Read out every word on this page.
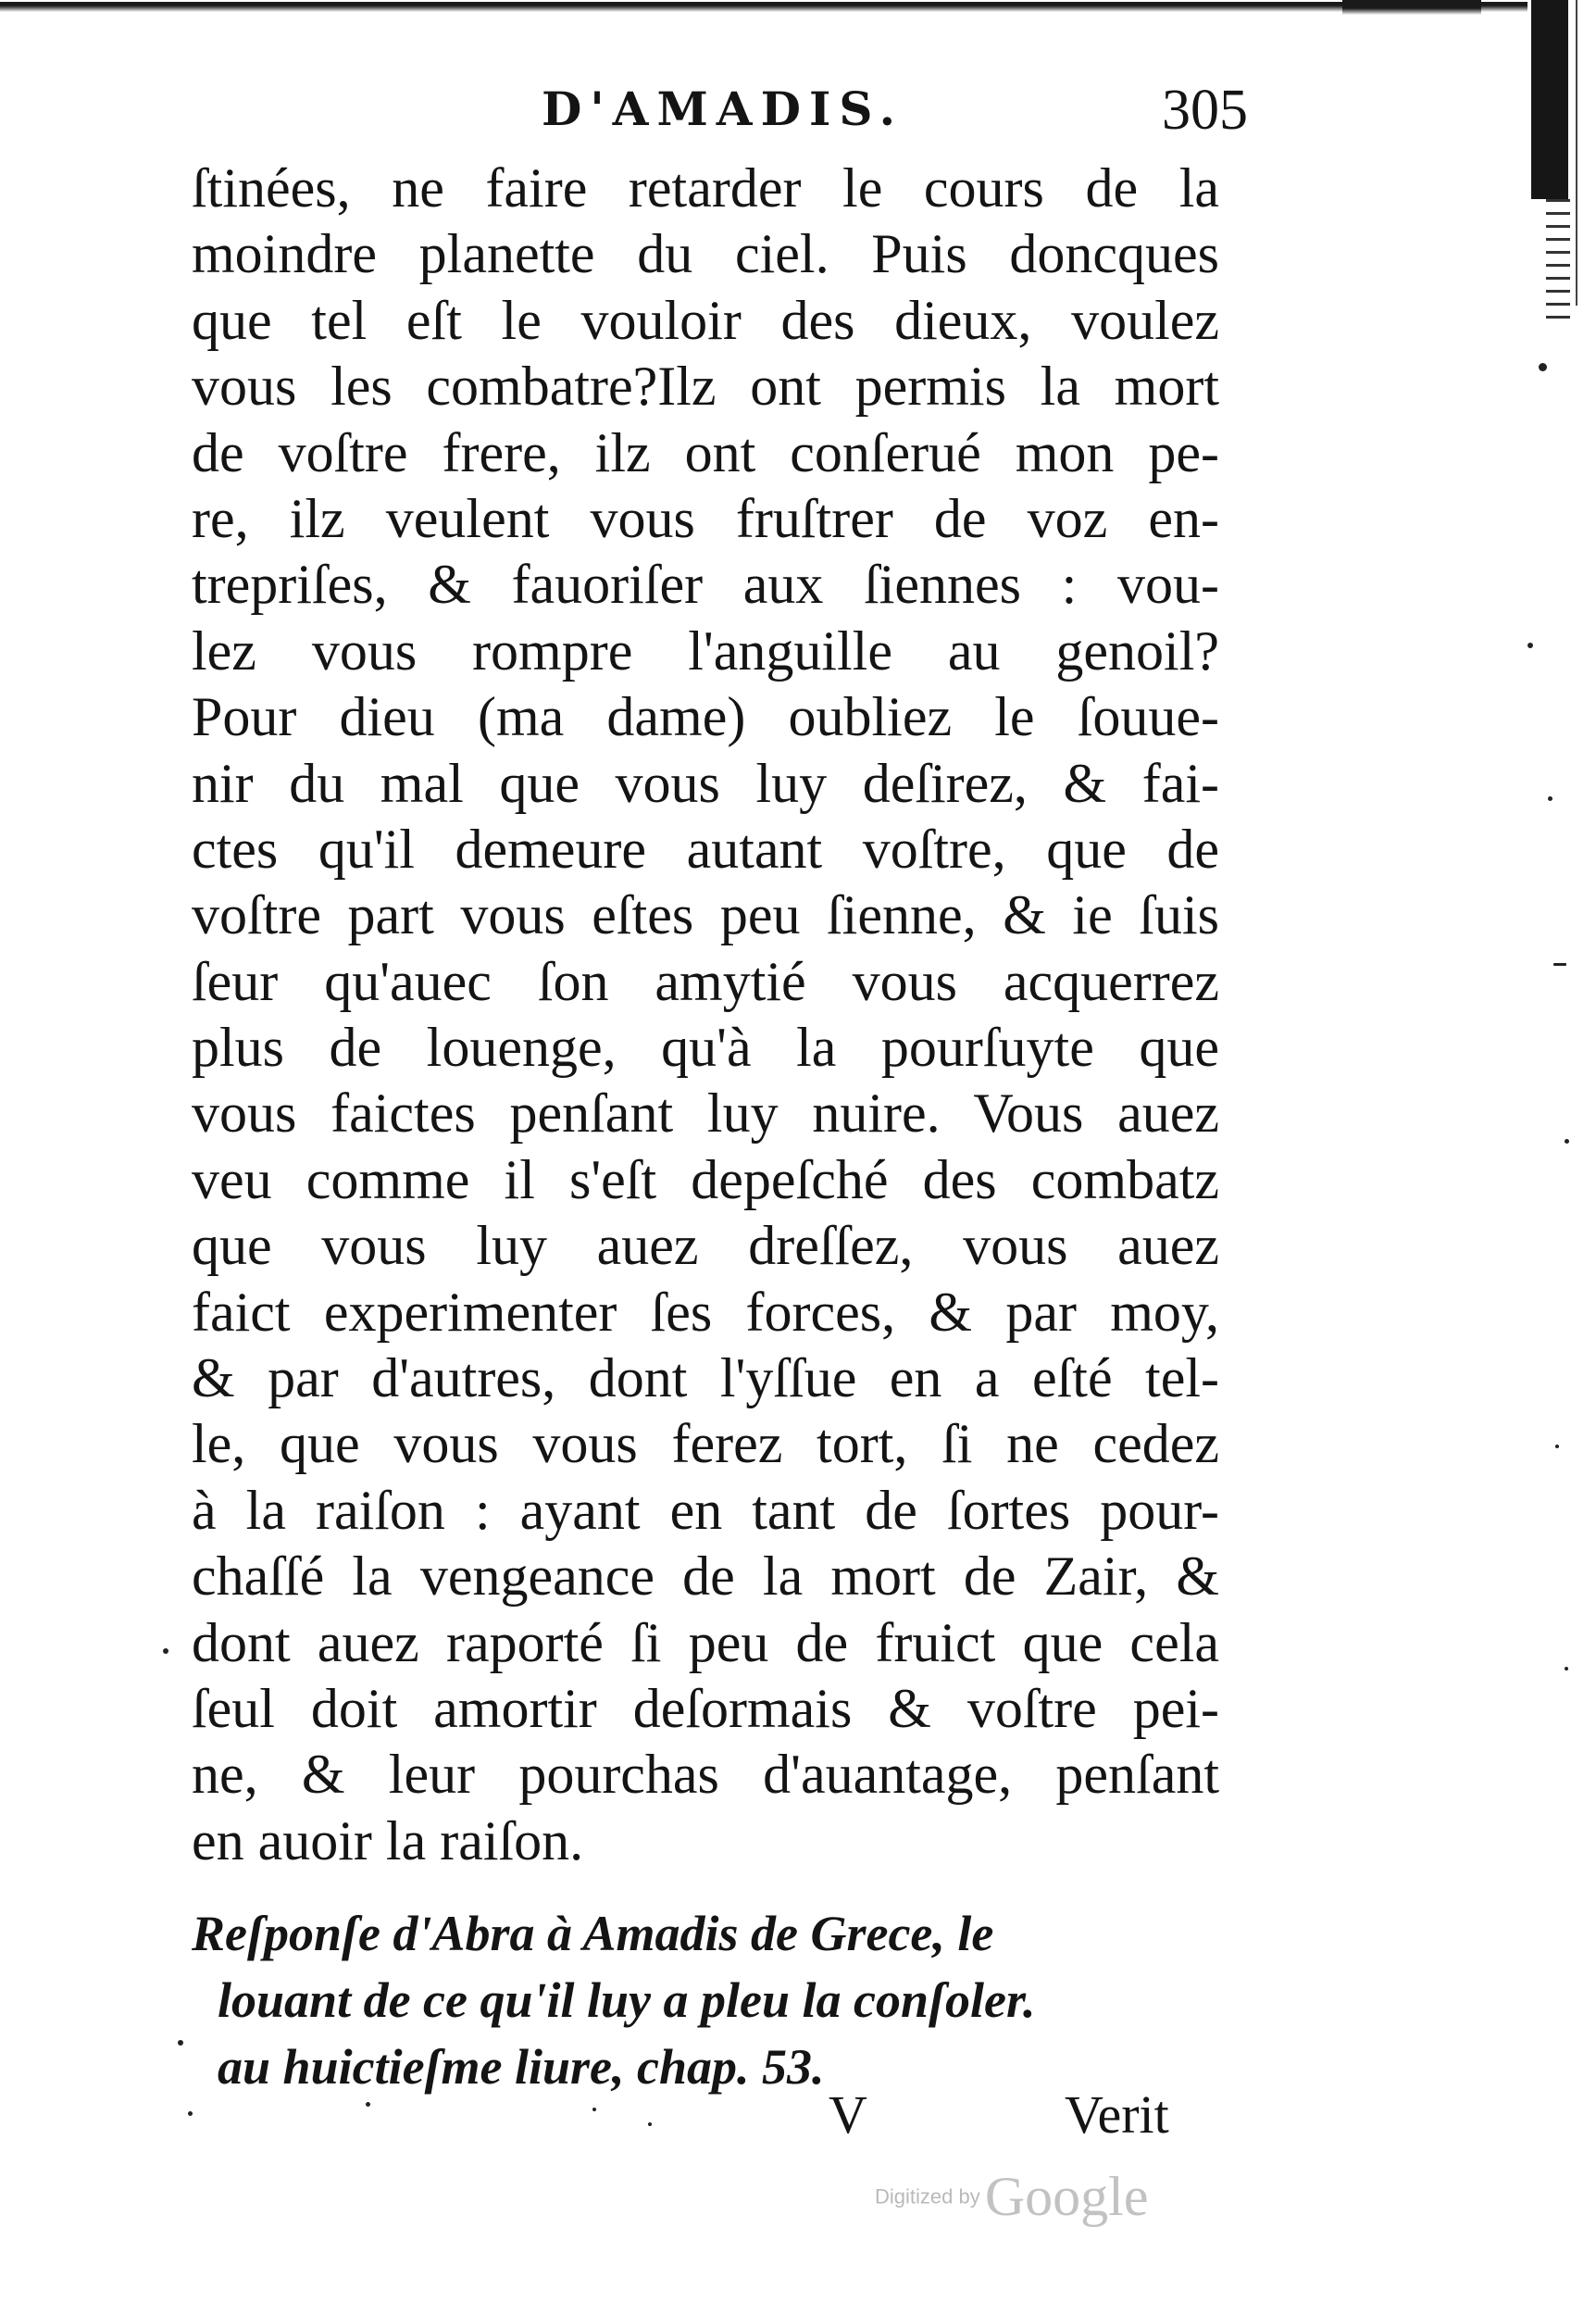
D'AMADIS.	305
ſtinées, ne faire retarder le cours de la
moindre planette du ciel. Puis doncques
que tel eſt le vouloir des dieux, voulez
vous les combatre?Ilz ont permis la mort
de voſtre frere, ilz ont conſerué mon pe-
re, ilz veulent vous fruſtrer de voz en-
trepriſes, & fauoriſer aux ſiennes : vou-
lez vous rompre l'anguille au genoil?
Pour dieu (ma dame) oubliez le ſouue-
nir du mal que vous luy deſirez, & fai-
ctes qu'il demeure autant voſtre, que de
voſtre part vous eſtes peu ſienne, & ie ſuis
ſeur qu'auec ſon amytié vous acquerrez
plus de louenge, qu'à la pourſuyte que
vous faictes penſant luy nuire. Vous auez
veu comme il s'eſt depeſché des combatz
que vous luy auez dreſſez, vous auez
faict experimenter ſes forces, & par moy,
& par d'autres, dont l'yſſue en a eſté tel-
le, que vous vous ferez tort, ſi ne cedez
à la raiſon : ayant en tant de ſortes pour-
chaſſé la vengeance de la mort de Zair, &
dont auez raporté ſi peu de fruict que cela
ſeul doit amortir deſormais & voſtre pei-
ne, & leur pourchas d'auantage, penſant
en auoir la raiſon.
Reſponſe d'Abra à Amadis de Grece, le
louant de ce qu'il luy a pleu la conſoler.
au huictieſme liure, chap. 53.
V	Verit
Digitized by Google
